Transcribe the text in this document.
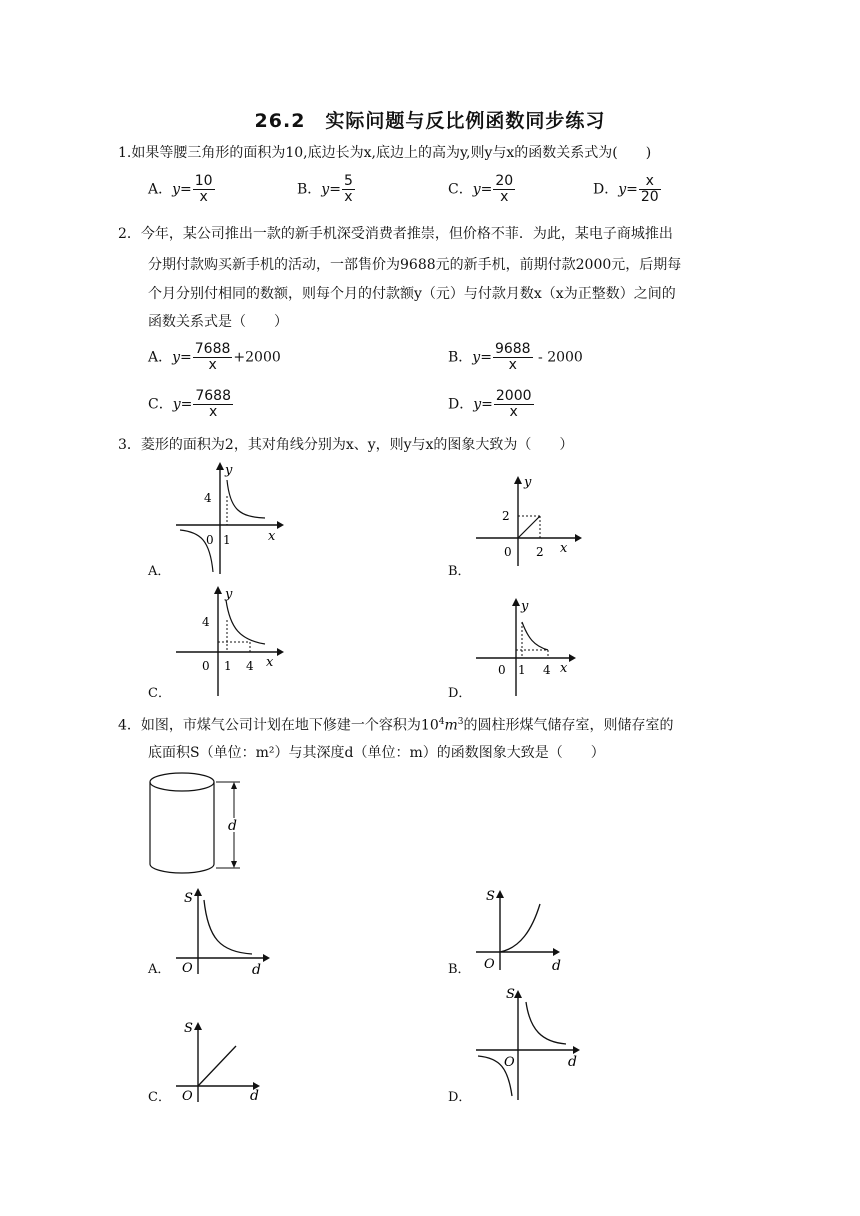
26.2　实际问题与反比例函数同步练习
1.如果等腰三角形的面积为10,底边长为x,底边上的高为y,则y与x的函数关系式为(　　)
A．$y= \frac{10}{x}$	B．$y= \frac{5}{x}$	C．$y= \frac{20}{x}$	D．$y= \frac{x}{20}$
2．今年，某公司推出一款的新手机深受消费者推崇，但价格不菲．为此，某电子商城推出
分期付款购买新手机的活动，一部售价为9688元的新手机，前期付款2000元，后期每
个月分别付相同的数额，则每个月的付款额y（元）与付款月数x（x为正整数）之间的
函数关系式是（　　）
A．$y= \frac{7688}{x} +2000$	B．$y= \frac{9688}{x} - 2000$
C．$y= \frac{7688}{x}$	D．$y= \frac{2000}{x}$
3．菱形的面积为2，其对角线分别为x、y，则y与x的图象大致为（　　）
y
x
0
4
1
A．
y
x
0
2
2
B．
y
x
0
4
1 4
C．
y
x
0 1 4
D．
4．如图，市煤气公司计划在地下修建一个容积为$10^4m^3$的圆柱形煤气储存室，则储存室的
底面积S（单位：m²）与其深度d（单位：m）的函数图象大致是（　　）
d
S
d
O
A．
S
d
O
B．
S
d
O
C．
S
d
O
D．
